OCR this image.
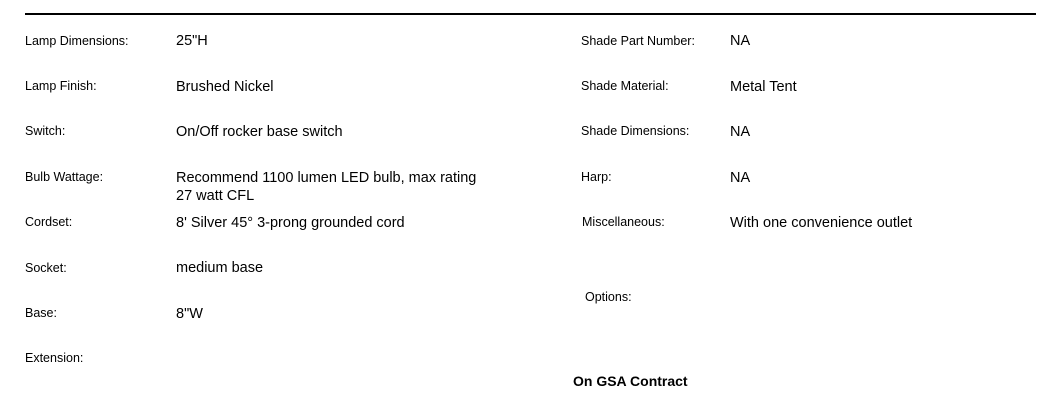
Lamp Dimensions:	25"H
Lamp Finish:	Brushed Nickel
Switch:	On/Off rocker base switch
Bulb Wattage:	Recommend 1100 lumen LED bulb, max rating
27 watt CFL
Cordset:	8' Silver 45° 3-prong grounded cord
Socket:	medium base
Base:	8"W
Extension:
Shade Part Number: NA
Shade Material:	Metal Tent
Shade Dimensions:	NA
Harp:	NA
Miscellaneous:	With one convenience outlet
Options:
On GSA Contract
